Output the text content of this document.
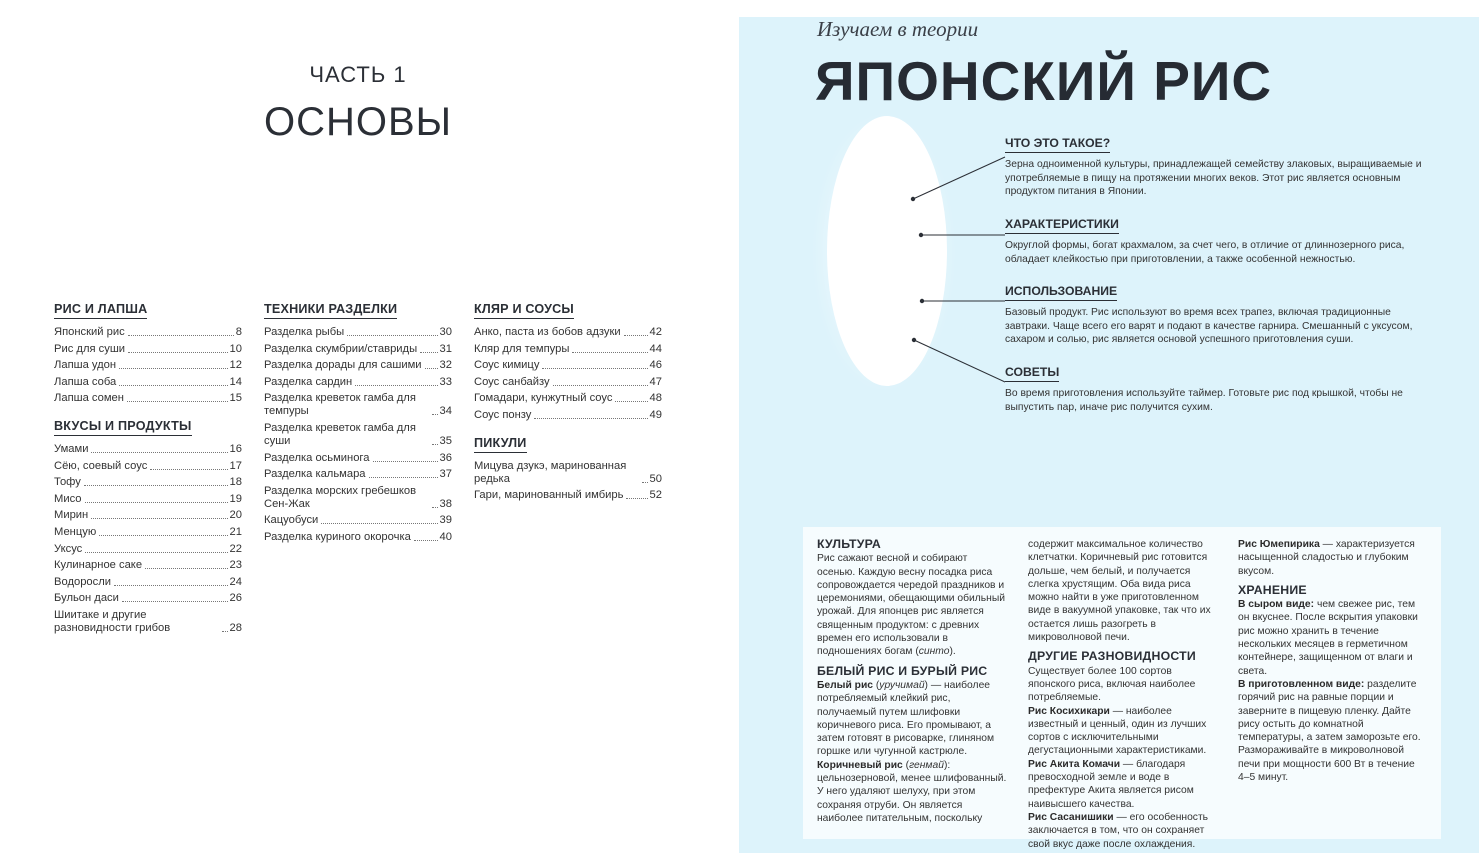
ЧАСТЬ 1
ОСНОВЫ
РИС И ЛАПША
Японский рис	8
Рис для суши	10
Лапша удон	12
Лапша соба	14
Лапша сомен	15
ВКУСЫ И ПРОДУКТЫ
Умами	16
Сёю, соевый соус	17
Тофу	18
Мисо	19
Мирин	20
Менцую	21
Уксус	22
Кулинарное саке	23
Водоросли	24
Бульон даси	26
Шиитаке и другие разновидности грибов	28
ТЕХНИКИ РАЗДЕЛКИ
Разделка рыбы	30
Разделка скумбрии/ставриды 31
Разделка дорады для сашими 32
Разделка сардин	33
Разделка креветок гамба для темпуры	34
Разделка креветок гамба для суши	35
Разделка осьминога	36
Разделка кальмара	37
Разделка морских гребешков Сен-Жак	38
Кацуобуси	39
Разделка куриного окорочка	40
КЛЯР И СОУСЫ
Анко, паста из бобов адзуки	42
Кляр для темпуры	44
Соус кимицу	46
Соус санбайзу	47
Гомадари, кунжутный соус	48
Соус понзу	49
ПИКУЛИ
Мицува дзукэ, маринованная редька	50
Гари, маринованный имбирь 52
Изучаем в теории
ЯПОНСКИЙ РИС
ЧТО ЭТО ТАКОЕ?

Зерна одноименной культуры, принадлежащей семейству злаковых, выращиваемые и употребляемые в пищу на протяжении многих веков. Этот рис является основным продуктом питания в Японии.

ХАРАКТЕРИСТИКИ

Округлой формы, богат крахмалом, за счет чего, в отличие от длиннозерного риса, обладает клейкостью при приготовлении, а также особенной нежностью.

ИСПОЛЬЗОВАНИЕ

Базовый продукт. Рис используют во время всех трапез, включая традиционные завтраки. Чаще всего его варят и подают в качестве гарнира. Смешанный с уксусом, сахаром и солью, рис является основой успешного приготовления суши.

СОВЕТЫ

Во время приготовления используйте таймер. Готовьте рис под крышкой, чтобы не выпустить пар, иначе рис получится сухим.

КУЛЬТУРА

Рис сажают весной и собирают осенью. Каждую весну посадка риса сопровождается чередой праздников и церемониями, обещающими обильный урожай. Для японцев рис является священным продуктом: с древних времен его использовали в подношениях богам (синто).

БЕЛЫЙ РИС И БУРЫЙ РИС

Белый рис (уручимай) — наиболее потребляемый клейкий рис, получаемый путем шлифовки коричневого риса. Его промывают, а затем готовят в рисоварке, глиняном горшке или чугунной кастрюле. Коричневый рис (генмай): цельнозерновой, менее шлифованный. У него удаляют шелуху, при этом сохраняя отруби. Он является наиболее питательным, поскольку

содержит максимальное количество клетчатки. Коричневый рис готовится дольше, чем белый, и получается слегка хрустящим. Оба вида риса можно найти в уже приготовленном виде в вакуумной упаковке, так что их остается лишь разогреть в микроволновой печи.

ДРУГИЕ РАЗНОВИДНОСТИ

Существует более 100 сортов японского риса, включая наиболее потребляемые.

Рис Косихикари — наиболее известный и ценный, один из лучших сортов с исключительными дегустационными характеристиками.

Рис Акита Комачи — благодаря превосходной земле и воде в префектуре Акита является рисом наивысшего качества.

Рис Сасанишики — его особенность заключается в том, что он сохраняет свой вкус даже после охлаждения.

Рис Юмепирика — характеризуется насыщенной сладостью и глубоким вкусом.

ХРАНЕНИЕ

В сыром виде: чем свежее рис, тем он вкуснее. После вскрытия упаковки рис можно хранить в течение нескольких месяцев в герметичном контейнере, защищенном от влаги и света.

В приготовленном виде: разделите горячий рис на равные порции и заверните в пищевую пленку. Дайте рису остыть до комнатной температуры, а затем заморозьте его. Размораживайте в микроволновой печи при мощности 600 Вт в течение 4–5 минут.
